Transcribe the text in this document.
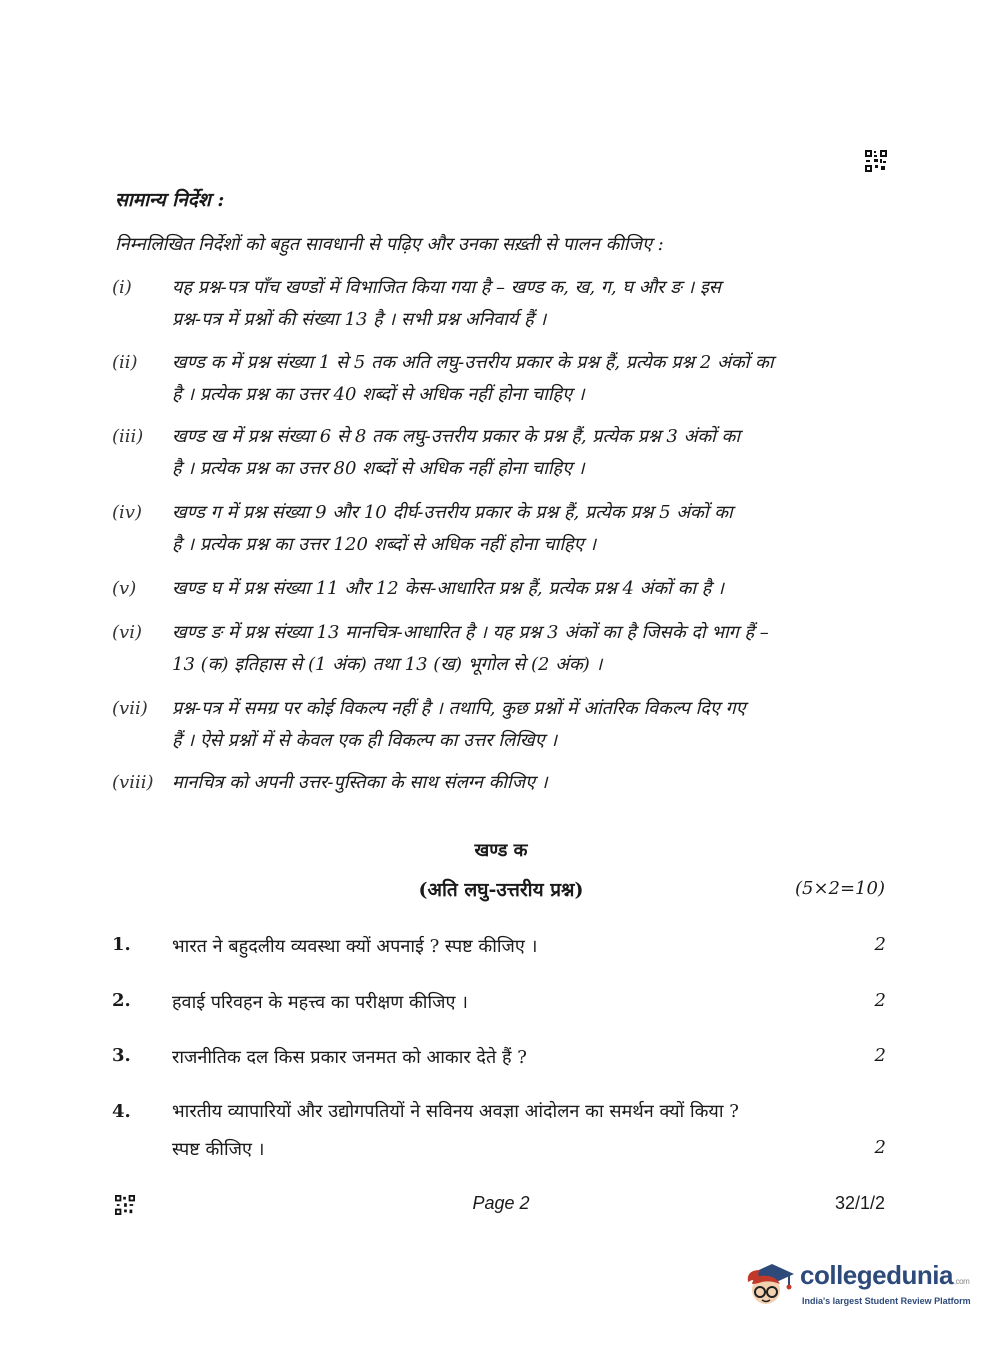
सामान्य निर्देश :
निम्नलिखित निर्देशों को बहुत सावधानी से पढ़िए और उनका सख़्ती से पालन कीजिए :
(i)	यह प्रश्न-पत्र पाँच खण्डों में विभाजित किया गया है – खण्ड क, ख, ग, घ और ङ । इस
प्रश्न-पत्र में प्रश्नों की संख्या 13 है । सभी प्रश्न अनिवार्य हैं ।
(ii)	खण्ड क में प्रश्न संख्या 1 से 5 तक अति लघु-उत्तरीय प्रकार के प्रश्न हैं, प्रत्येक प्रश्न 2 अंकों का
है । प्रत्येक प्रश्न का उत्तर 40 शब्दों से अधिक नहीं होना चाहिए ।
(iii)	खण्ड ख में प्रश्न संख्या 6 से 8 तक लघु-उत्तरीय प्रकार के प्रश्न हैं, प्रत्येक प्रश्न 3 अंकों का
है । प्रत्येक प्रश्न का उत्तर 80 शब्दों से अधिक नहीं होना चाहिए ।
(iv)	खण्ड ग में प्रश्न संख्या 9 और 10 दीर्घ-उत्तरीय प्रकार के प्रश्न हैं, प्रत्येक प्रश्न 5 अंकों का
है । प्रत्येक प्रश्न का उत्तर 120 शब्दों से अधिक नहीं होना चाहिए ।
(v)	खण्ड घ में प्रश्न संख्या 11 और 12 केस-आधारित प्रश्न हैं, प्रत्येक प्रश्न 4 अंकों का है ।
(vi)	खण्ड ङ में प्रश्न संख्या 13 मानचित्र-आधारित है । यह प्रश्न 3 अंकों का है जिसके दो भाग हैं –
13 (क) इतिहास से (1 अंक) तथा 13 (ख) भूगोल से (2 अंक) ।
(vii)	प्रश्न-पत्र में समग्र पर कोई विकल्प नहीं है । तथापि, कुछ प्रश्नों में आंतरिक विकल्प दिए गए
हैं । ऐसे प्रश्नों में से केवल एक ही विकल्प का उत्तर लिखिए ।
(viii)	मानचित्र को अपनी उत्तर-पुस्तिका के साथ संलग्न कीजिए ।
खण्ड क
(अति लघु-उत्तरीय प्रश्न)	(5×2=10)
1. भारत ने बहुदलीय व्यवस्था क्यों अपनाई ? स्पष्ट कीजिए ।	2
2. हवाई परिवहन के महत्त्व का परीक्षण कीजिए ।	2
3. राजनीतिक दल किस प्रकार जनमत को आकार देते हैं ?	2
4. भारतीय व्यापारियों और उद्योगपतियों ने सविनय अवज्ञा आंदोलन का समर्थन क्यों किया ?
स्पष्ट कीजिए ।	2
Page 2	32/1/2
collegedunia.com
India's largest Student Review Platform
